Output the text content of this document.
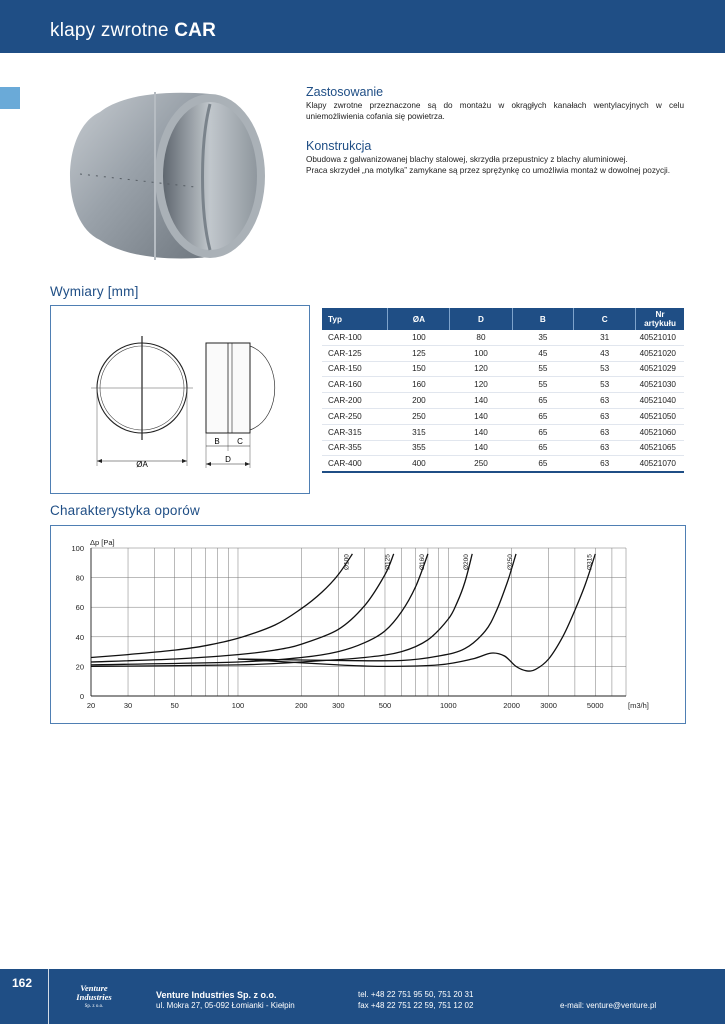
klapy zwrotne CAR
Zastosowanie
Klapy zwrotne przeznaczone są do montażu w okrągłych kanałach wentylacyjnych w celu uniemożliwienia cofania się powietrza.
Konstrukcja
Obudowa z galwanizowanej blachy stalowej, skrzydła przepustnicy z blachy aluminiowej.
Praca skrzydeł „na motylka” zamykane są przez sprężynkę co umożliwia montaż w dowolnej pozycji.
Wymiary [mm]
B C
ØA
D
Typ	ØA	D	B	C	Nr artykułu
CAR-100	100	80	35	31	40521010
CAR-125	125	100	45	43	40521020
CAR-150	150	120	55	53	40521029
CAR-160	160	120	55	53	40521030
CAR-200	200	140	65	63	40521040
CAR-250	250	140	65	63	40521050
CAR-315	315	140	65	63	40521060
CAR-355	355	140	65	63	40521065
CAR-400	400	250	65	63	40521070
Charakterystyka oporów
0
20
40
60
80
100
20	30	50	100	200	300	500	1000	2000	3000	5000
Δp [Pa]
[m3/h]
Ø100	Ø125	Ø160	Ø200	Ø250	Ø315
162	Venture
Industries
Sp. z o.o.
Venture Industries Sp. z o.o.
ul. Mokra 27, 05-092 Łomianki - Kiełpin
tel. +48 22 751 95 50, 751 20 31
fax +48 22 751 22 59, 751 12 02	e-mail: venture@venture.pl
